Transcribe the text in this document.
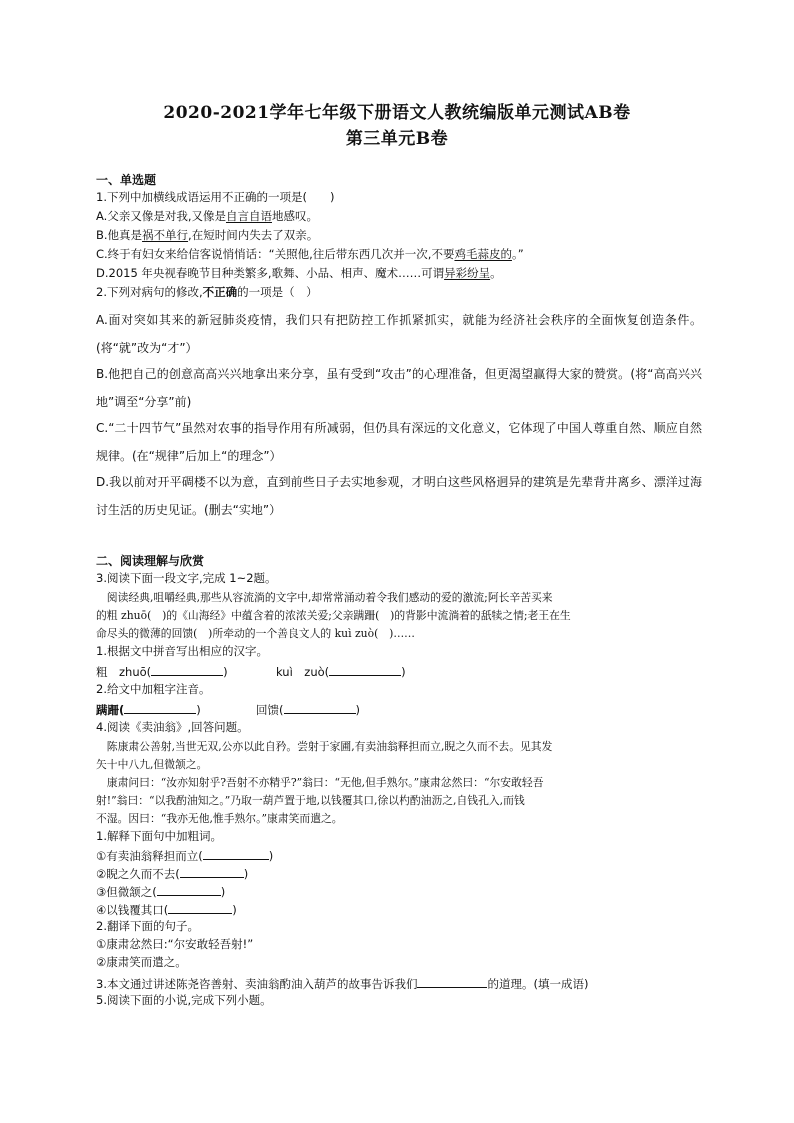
2020-2021学年七年级下册语文人教统编版单元测试AB卷
第三单元B卷
一、单选题
1.下列中加横线成语运用不正确的一项是(　　)
A.父亲又像是对我,又像是自言自语地感叹。
B.他真是祸不单行,在短时间内失去了双亲。
C.终于有妇女来给信客说悄悄话：“关照他,往后带东西几次并一次,不要鸡毛蒜皮的。”
D.2015 年央视春晚节目种类繁多,歌舞、小品、相声、魔术……可谓异彩纷呈。
2.下列对病句的修改,不正确的一项是（　）
A.面对突如其来的新冠肺炎疫情，我们只有把防控工作抓紧抓实，就能为经济社会秩序的全面恢复创造条件。(将“就”改为“才”）
B.他把自己的创意高高兴兴地拿出来分享，虽有受到“攻击”的心理准备，但更渴望赢得大家的赞赏。(将“高高兴兴地”调至“分享”前)
C.“二十四节气”虽然对农事的指导作用有所减弱，但仍具有深远的文化意义，它体现了中国人尊重自然、顺应自然规律。(在“规律”后加上“的理念”）
D.我以前对开平碉楼不以为意，直到前些日子去实地参观，才明白这些风格迥异的建筑是先辈背井离乡、漂洋过海讨生活的历史见证。(删去“实地”）
二、阅读理解与欣赏
3.阅读下面一段文字,完成 1~2题。
　阅读经典,咀嚼经典,那些从容流淌的文字中,却常常涌动着令我们感动的爱的激流;阿长辛苦买来
的粗 zhuō(　)的《山海经》中蕴含着的浓浓关爱;父亲蹒跚(　)的背影中流淌着的舐犊之情;老王在生
命尽头的微薄的回馈(　)所牵动的一个善良文人的 kuì zuò(　)……
1.根据文中拼音写出相应的汉字。
粗　zhuō(	)	kuì　zuò(	)
2.给文中加粗字注音。
蹒跚(	)	回馈(	)
4.阅读《卖油翁》,回答问题。
　陈康肃公善射,当世无双,公亦以此自矜。尝射于家圃,有卖油翁释担而立,睨之久而不去。见其发
矢十中八九,但微颔之。
　康肃问曰：“汝亦知射乎?吾射不亦精乎?”翁曰：“无他,但手熟尔。”康肃忿然曰：“尔安敢轻吾
射!”翁曰：“以我酌油知之。”乃取一葫芦置于地,以钱覆其口,徐以杓酌油沥之,自钱孔入,而钱
不湿。因曰：“我亦无他,惟手熟尔。”康肃笑而遣之。
1.解释下面句中加粗词。
①有卖油翁释担而立(	)
②睨之久而不去(	)
③但微颔之(	)
④以钱覆其口(	)
2.翻译下面的句子。
①康肃忿然曰:“尔安敢轻吾射!”
②康肃笑而遣之。
3.本文通过讲述陈尧咨善射、卖油翁酌油入葫芦的故事告诉我们	的道理。(填一成语)
5.阅读下面的小说,完成下列小题。
